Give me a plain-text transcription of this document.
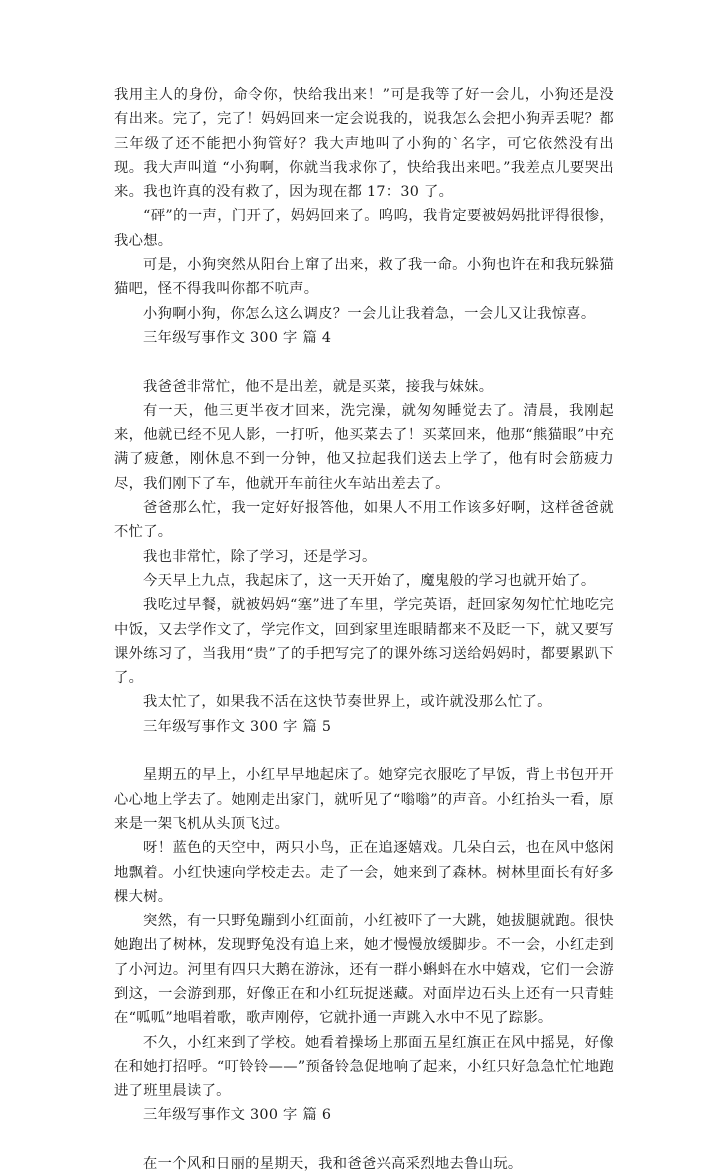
我用主人的身份，命令你，快给我出来！”可是我等了好一会儿，小狗还是没有出来。完了，完了！妈妈回来一定会说我的，说我怎么会把小狗弄丢呢？都三年级了还不能把小狗管好？我大声地叫了小狗的`名字，可它依然没有出现。我大声叫道 “小狗啊，你就当我求你了，快给我出来吧。”我差点儿要哭出来。我也许真的没有救了，因为现在都 17：30 了。

“砰”的一声，门开了，妈妈回来了。呜呜，我肯定要被妈妈批评得很惨，我心想。

可是，小狗突然从阳台上窜了出来，救了我一命。小狗也许在和我玩躲猫猫吧，怪不得我叫你都不吭声。

小狗啊小狗，你怎么这么调皮？一会儿让我着急，一会儿又让我惊喜。

三年级写事作文 300 字 篇 4

我爸爸非常忙，他不是出差，就是买菜，接我与妹妹。

有一天，他三更半夜才回来，洗完澡，就匆匆睡觉去了。清晨，我刚起来，他就已经不见人影，一打听，他买菜去了！买菜回来，他那“熊猫眼”中充满了疲惫，刚休息不到一分钟，他又拉起我们送去上学了，他有时会筋疲力尽，我们刚下了车，他就开车前往火车站出差去了。

爸爸那么忙，我一定好好报答他，如果人不用工作该多好啊，这样爸爸就不忙了。

我也非常忙，除了学习，还是学习。

今天早上九点，我起床了，这一天开始了，魔鬼般的学习也就开始了。

我吃过早餐，就被妈妈“塞”进了车里，学完英语，赶回家匆匆忙忙地吃完中饭，又去学作文了，学完作文，回到家里连眼睛都来不及眨一下，就又要写课外练习了，当我用“贵”了的手把写完了的课外练习送给妈妈时，都要累趴下了。

我太忙了，如果我不活在这快节奏世界上，或许就没那么忙了。

三年级写事作文 300 字 篇 5

星期五的早上，小红早早地起床了。她穿完衣服吃了早饭，背上书包开开心心地上学去了。她刚走出家门，就听见了“嗡嗡”的声音。小红抬头一看，原来是一架飞机从头顶飞过。

呀！蓝色的天空中，两只小鸟，正在追逐嬉戏。几朵白云，也在风中悠闲地飘着。小红快速向学校走去。走了一会，她来到了森林。树林里面长有好多棵大树。

突然，有一只野兔蹦到小红面前，小红被吓了一大跳，她拔腿就跑。很快她跑出了树林，发现野兔没有追上来，她才慢慢放缓脚步。不一会，小红走到了小河边。河里有四只大鹅在游泳，还有一群小蝌蚪在水中嬉戏，它们一会游到这，一会游到那，好像正在和小红玩捉迷藏。对面岸边石头上还有一只青蛙在“呱呱”地唱着歌，歌声刚停，它就扑通一声跳入水中不见了踪影。

不久，小红来到了学校。她看着操场上那面五星红旗正在风中摇晃，好像在和她打招呼。“叮铃铃——”预备铃急促地响了起来，小红只好急急忙忙地跑进了班里晨读了。

三年级写事作文 300 字 篇 6

在一个风和日丽的星期天，我和爸爸兴高采烈地去鲁山玩。
